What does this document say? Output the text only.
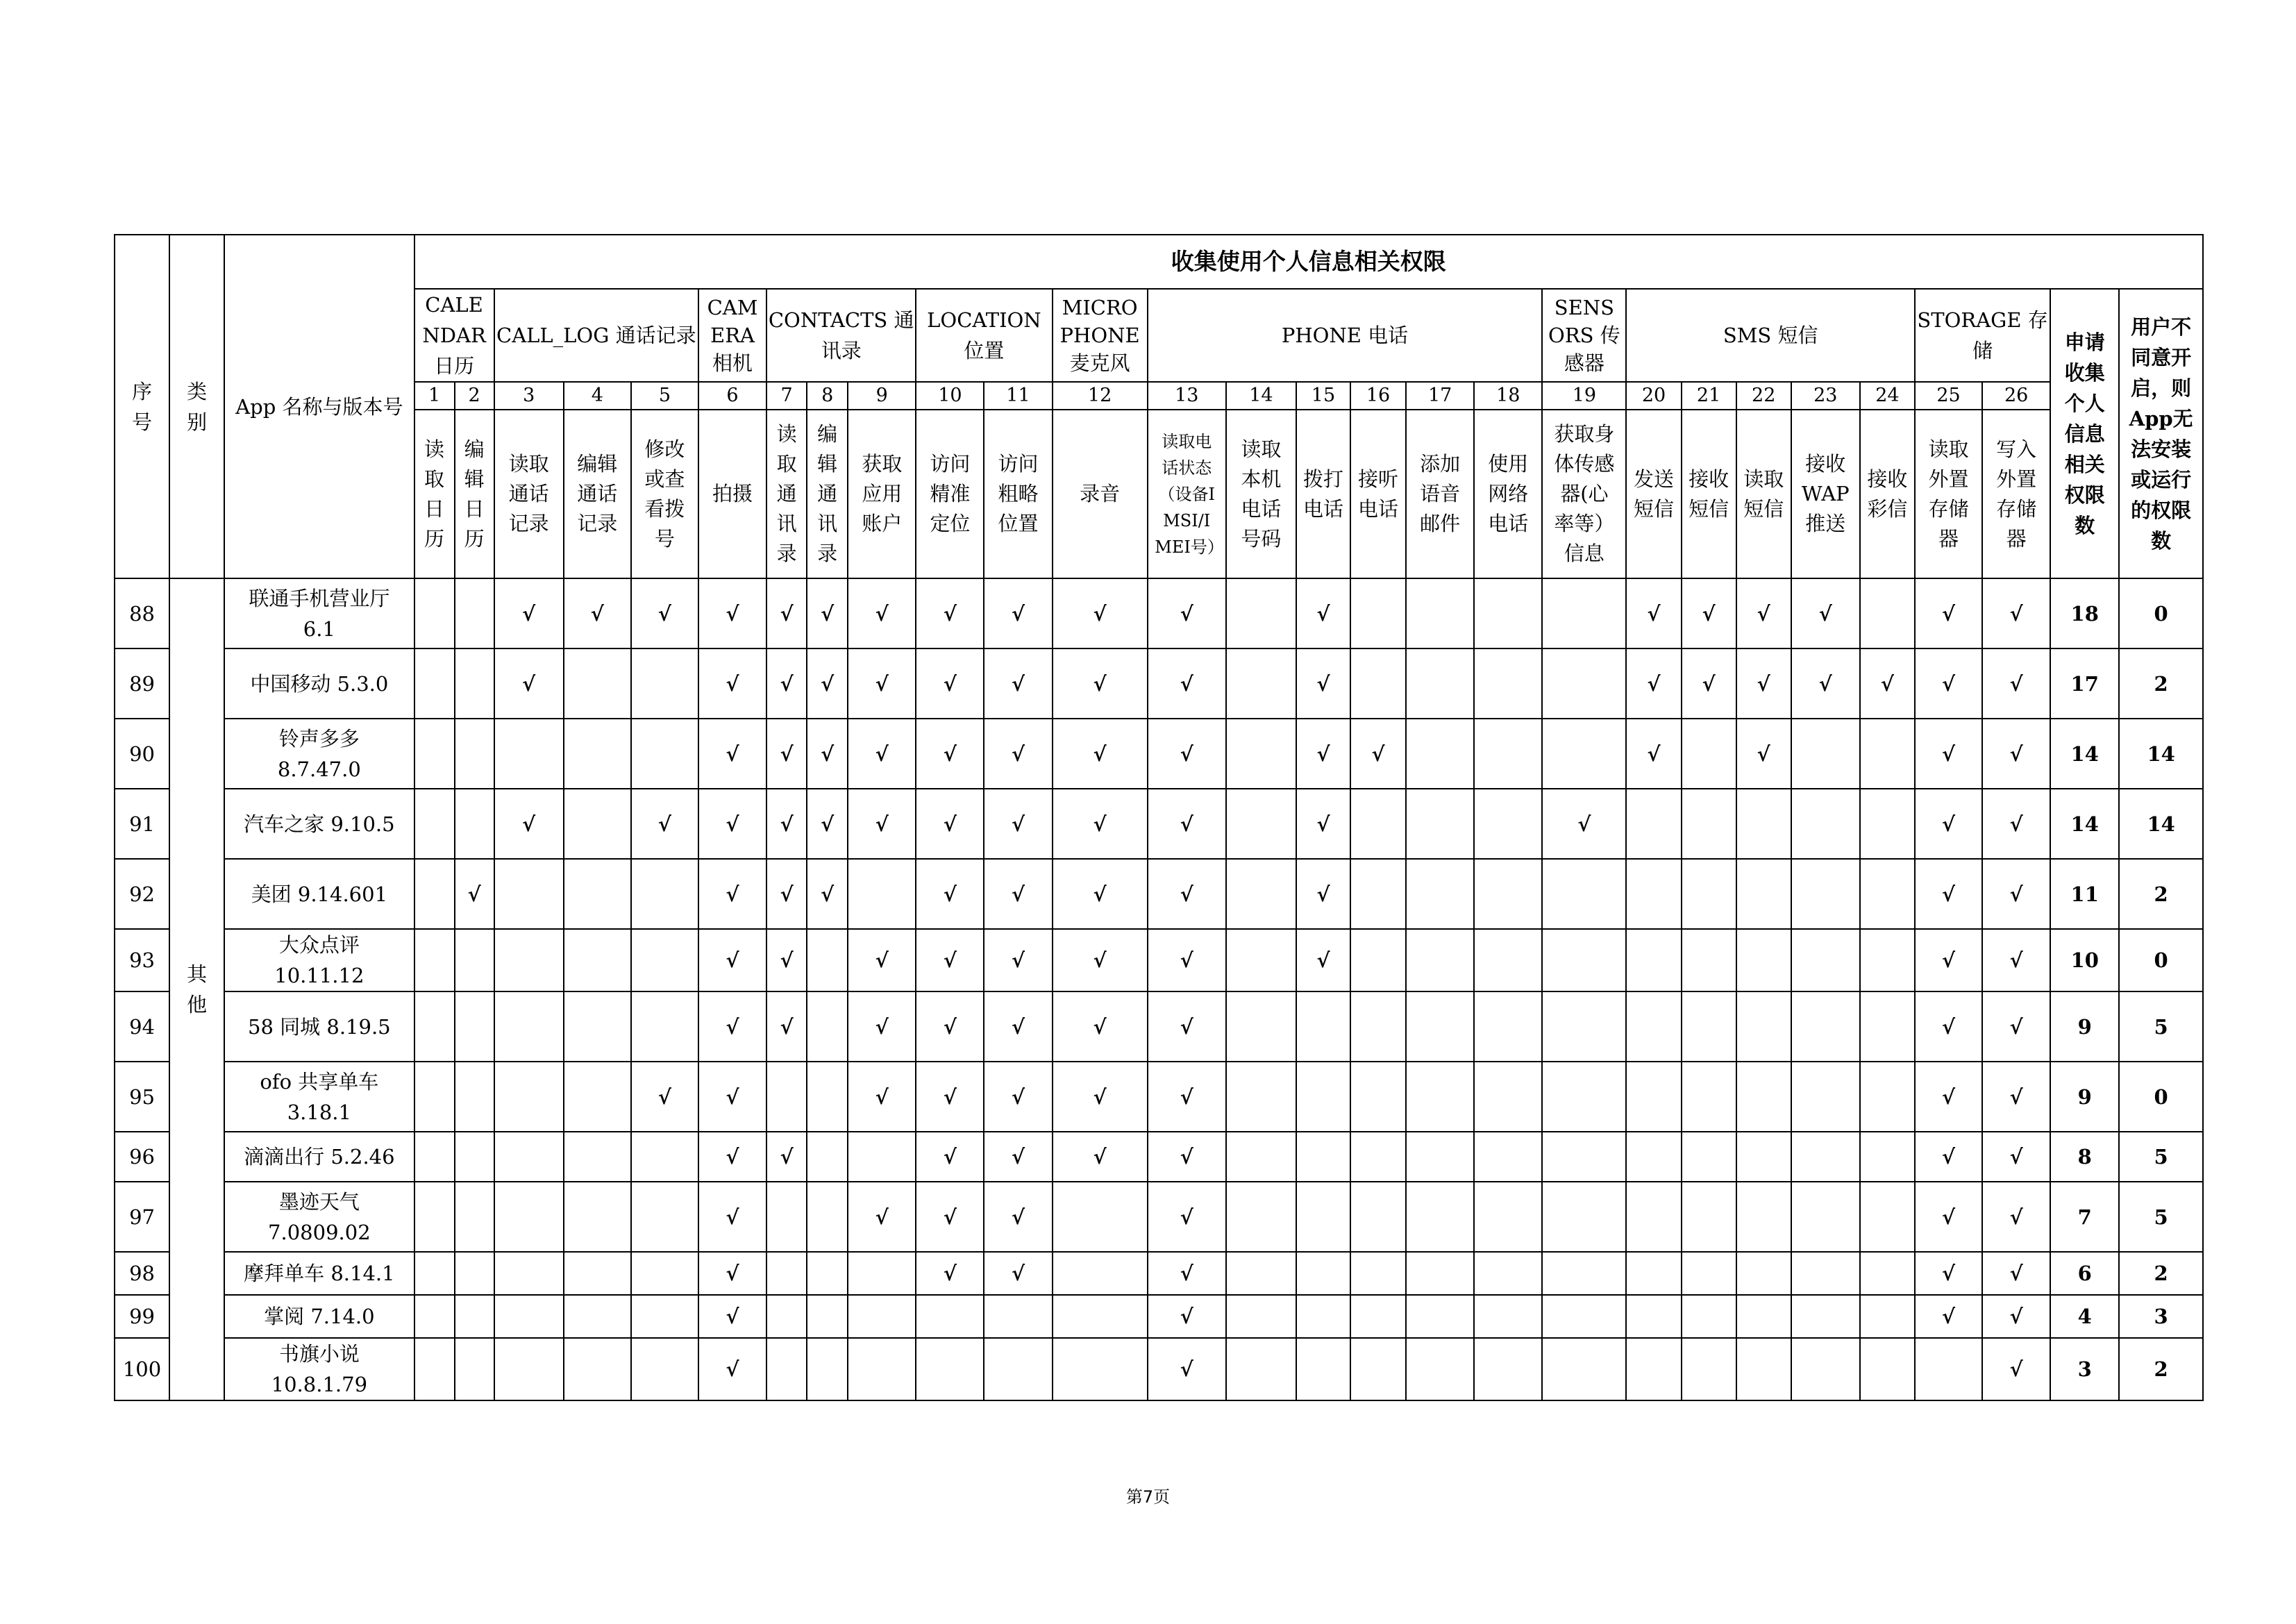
序号	类别	App 名称与版本号	收集使用个人信息相关权限																											
			CALE NDAR 日历		CALL_LOG 通话记录			CAM ERA 相机	CONTACTS 通讯录			LOCATION 位置		MICRO PHONE 麦克风	PHONE 电话						SENS ORS 传感器	SMS 短信					STORAGE 存储		申请收集个人信息相关权限数	用户不同意开启，则App无法安装或运行的权限数
			1	2	3	4	5	6	7	8	9	10	11	12	13	14	15	16	17	18	19	20	21	22	23	24	25	26		
			读取日历	编辑日历	读取通话记录	编辑通话记录	修改或查看拨号	拍摄	读取通讯录	编辑通讯录	获取应用账户	访问精准定位	访问粗略位置	录音	读取电话状态（设备IMSI/IMEI号）	读取本机电话号码	拨打电话	接听电话	添加语音邮件	使用网络电话	获取身体传感器(心率等）信息	发送短信	接收短信	读取短信	接收WAP推送	接收彩信	读取外置存储器	写入外置存储器		
88	其他	联通手机营业厅 6.1			√	√	√	√	√	√	√	√	√	√	√		√					√	√	√	√		√	√	18	0
89		中国移动 5.3.0			√			√	√	√	√	√	√	√	√		√					√	√	√	√	√	√	√	17	2
90		铃声多多 8.7.47.0						√	√	√	√	√	√	√	√		√	√				√		√			√	√	14	14
91		汽车之家 9.10.5			√		√	√	√	√	√	√	√	√	√		√				√						√	√	14	14
92		美团 9.14.601		√				√	√	√		√	√	√	√		√										√	√	11	2
93		大众点评 10.11.12						√	√		√	√	√	√	√		√										√	√	10	0
94		58 同城 8.19.5						√	√		√	√	√	√	√												√	√	9	5
95		ofo 共享单车 3.18.1					√	√			√	√	√	√	√												√	√	9	0
96		滴滴出行 5.2.46						√	√			√	√	√	√												√	√	8	5
97		墨迹天气 7.0809.02						√			√	√	√		√												√	√	7	5
98		摩拜单车 8.14.1						√				√	√		√												√	√	6	2
99		掌阅 7.14.0						√							√												√	√	4	3
100		书旗小说 10.8.1.79						√							√													√	3	2
第7页
